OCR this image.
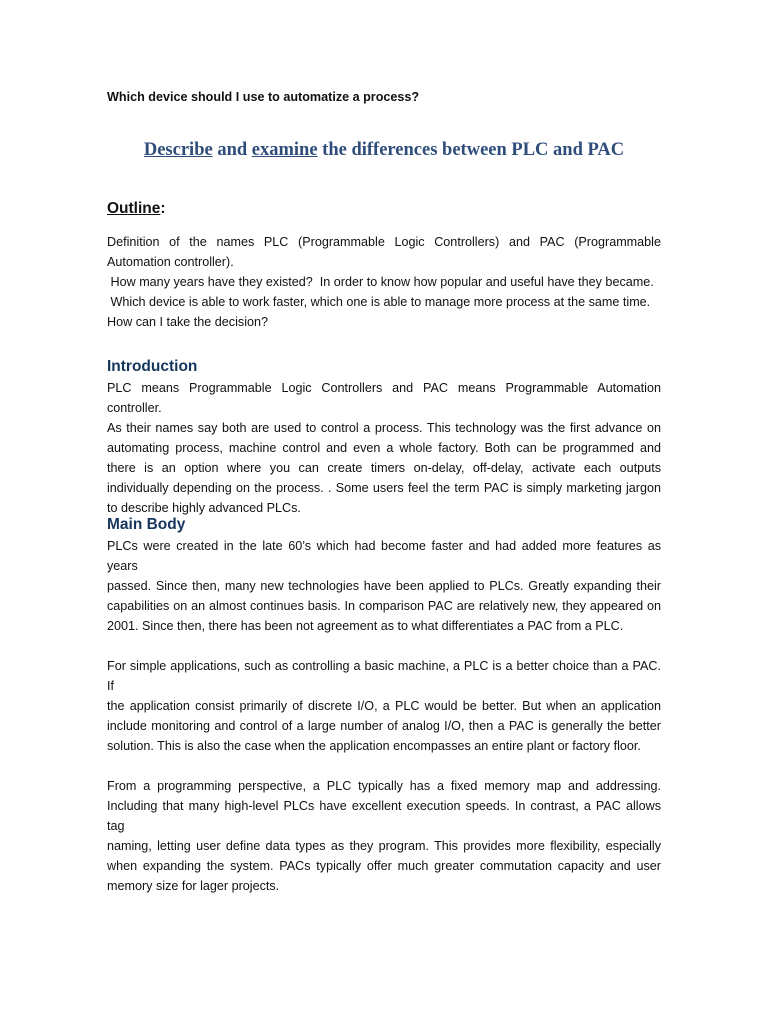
Which device should I use to automatize a process?

Describe and examine the differences between PLC and PAC
Outline:
Definition of the names PLC (Programmable Logic Controllers) and PAC (Programmable
Automation controller).
How many years have they existed?  In order to know how popular and useful have they became.
Which device is able to work faster, which one is able to manage more process at the same time.
How can I take the decision?
Introduction
PLC means Programmable Logic Controllers and PAC means Programmable Automation controller.
As their names say both are used to control a process. This technology was the first advance on
automating process, machine control and even a whole factory. Both can be programmed and
there is an option where you can create timers on-delay, off-delay, activate each outputs
individually depending on the process. . Some users feel the term PAC is simply marketing jargon
to describe highly advanced PLCs.
Main Body
PLCs were created in the late 60’s which had become faster and had added more features as years
passed. Since then, many new technologies have been applied to PLCs. Greatly expanding their
capabilities on an almost continues basis. In comparison PAC are relatively new, they appeared on
2001. Since then, there has been not agreement as to what differentiates a PAC from a PLC.
For simple applications, such as controlling a basic machine, a PLC is a better choice than a PAC. If
the application consist primarily of discrete I/O, a PLC would be better. But when an application
include monitoring and control of a large number of analog I/O, then a PAC is generally the better
solution. This is also the case when the application encompasses an entire plant or factory floor.
From a programming perspective, a PLC typically has a fixed memory map and addressing.
Including that many high-level PLCs have excellent execution speeds. In contrast, a PAC allows tag
naming, letting user define data types as they program. This provides more flexibility, especially
when expanding the system. PACs typically offer much greater commutation capacity and user
memory size for lager projects.
